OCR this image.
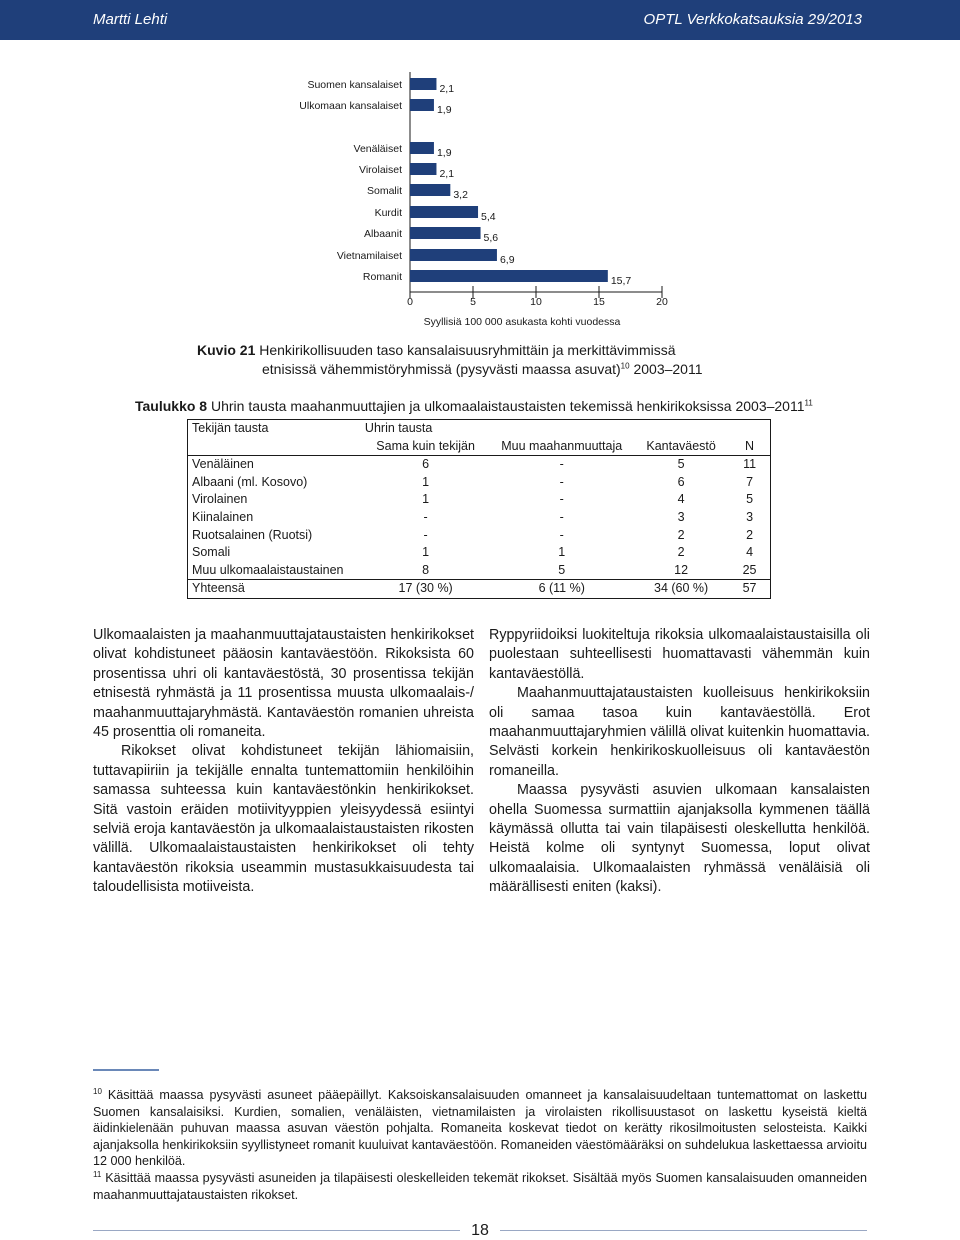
Martti Lehti	OPTL Verkkokatsauksia 29/2013
Suomen kansalaiset	2,1
Ulkomaan kansalaiset	1,9
Venäläiset	1,9
Virolaiset	2,1
Somalit	3,2
Kurdit	5,4
Albaanit	5,6
Vietnamilaiset	6,9
Romanit	15,7
0	5	10	15	20
Syyllisiä 100 000 asukasta kohti vuodessa
Kuvio 21 Henkirikollisuuden taso kansalaisuusryhmittäin ja merkittävimmissä
etnisissä vähemmistöryhmissä (pysyvästi maassa asuvat)$^{10}$ 2003–2011
Taulukko 8 Uhrin tausta maahanmuuttajien ja ulkomaalaistaustaisten tekemissä henkirikoksissa 2003–2011$^{11}$
Tekijän tausta	Uhrin tausta			
	Sama kuin tekijän	Muu maahanmuuttaja	Kantaväestö	N
Venäläinen	6	-	5	11
Albaani (ml. Kosovo)	1	-	6	7
Virolainen	1	-	4	5
Kiinalainen	-	-	3	3
Ruotsalainen (Ruotsi)	-	-	2	2
Somali	1	1	2	4
Muu ulkomaalaistaustainen	8	5	12	25
Yhteensä	17 (30 %)	6 (11 %)	34 (60 %)	57

Ulkomaalaisten ja maahanmuuttajataustaisten henkirikokset olivat kohdistuneet pääosin kantaväestöön. Rikoksista 60 prosentissa uhri oli kantaväestöstä, 30 prosentissa tekijän etnisestä ryhmästä ja 11 prosentissa muusta ulkomaalais-/ maahanmuuttajaryhmästä. Kantaväestön romanien uhreista 45 prosenttia oli romaneita.

Rikokset olivat kohdistuneet tekijän lähiomaisiin, tuttavapiiriin ja tekijälle ennalta tuntemattomiin henkilöihin samassa suhteessa kuin kantaväestönkin henkirikokset. Sitä vastoin eräiden motiivityyppien yleisyydessä esiintyi selviä eroja kantaväestön ja ulkomaalaistaustaisten rikosten välillä. Ulkomaalaistaustaisten henkirikokset oli tehty kantaväestön rikoksia useammin mustasukkaisuudesta tai taloudellisista motiiveista.

Ryppyriidoiksi luokiteltuja rikoksia ulkomaalaistaustaisilla oli puolestaan suhteellisesti huomattavasti vähemmän kuin kantaväestöllä.

Maahanmuuttajataustaisten kuolleisuus henkirikoksiin oli samaa tasoa kuin kantaväestöllä. Erot maahanmuuttajaryhmien välillä olivat kuitenkin huomattavia. Selvästi korkein henkirikoskuolleisuus oli kantaväestön romaneilla.

Maassa pysyvästi asuvien ulkomaan kansalaisten ohella Suomessa surmattiin ajanjaksolla kymmenen täällä käymässä ollutta tai vain tilapäisesti oleskellutta henkilöä. Heistä kolme oli syntynyt Suomessa, loput olivat ulkomaalaisia. Ulkomaalaisten ryhmässä venäläisiä oli määrällisesti eniten (kaksi).

$^{10}$ Käsittää maassa pysyvästi asuneet pääepäillyt. Kaksoiskansalaisuuden omanneet ja kansalaisuudeltaan tuntemattomat on laskettu Suomen kansalaisiksi. Kurdien, somalien, venäläisten, vietnamilaisten ja virolaisten rikollisuustasot on laskettu kyseistä kieltä äidinkielenään puhuvan maassa asuvan väestön pohjalta. Romaneita koskevat tiedot on kerätty rikosilmoitusten selosteista. Kaikki ajanjaksolla henkirikoksiin syyllistyneet romanit kuuluivat kantaväestöön. Romaneiden väestömääräksi on suhdelukua laskettaessa arvioitu 12 000 henkilöä.

$^{11}$ Käsittää maassa pysyvästi asuneiden ja tilapäisesti oleskelleiden tekemät rikokset. Sisältää myös Suomen kansalaisuuden omanneiden maahanmuuttajataustaisten rikokset.

18
